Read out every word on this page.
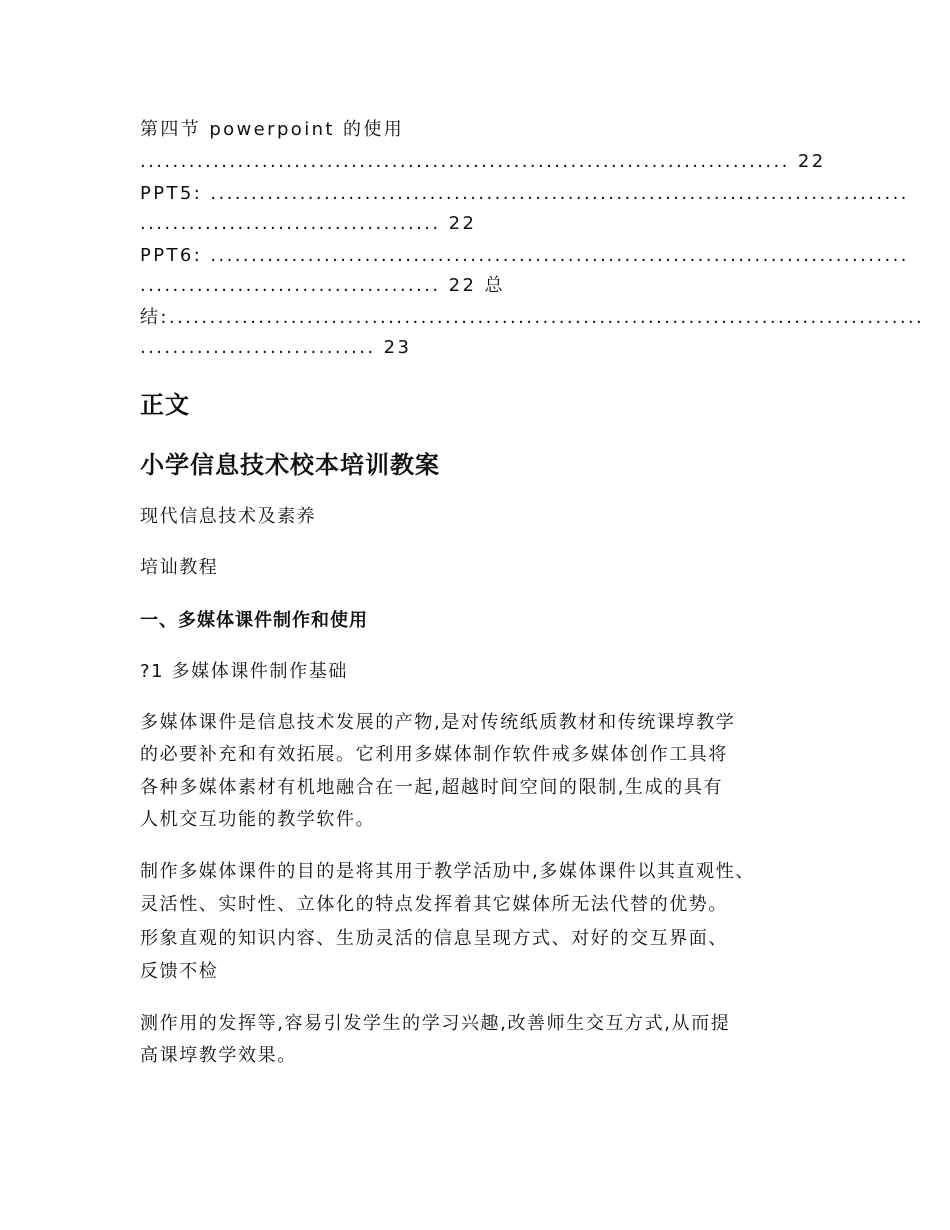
第四节 powerpoint 的使用
................................................................................ 22
PPT5: ......................................................................................
..................................... 22
PPT6: ......................................................................................
..................................... 22 总
结:.............................................................................................
............................. 23
正文
小学信息技术校本培训教案
现代信息技术及素养
培讪教程
一、多媒体课件制作和使用
?1 多媒体课件制作基础
多媒体课件是信息技术发展的产物,是对传统纸质教材和传统课埻教学
的必要补充和有效拓展。它利用多媒体制作软件戒多媒体创作工具将
各种多媒体素材有机地融合在一起,超越时间空间的限制,生成的具有
人机交互功能的教学软件。
制作多媒体课件的目的是将其用于教学活劢中,多媒体课件以其直观性、
灵活性、实时性、立体化的特点发挥着其它媒体所无法代替的优势。
形象直观的知识内容、生劢灵活的信息呈现方式、对好的交互界面、
反馈不检
测作用的发挥等,容易引发学生的学习兴趣,改善师生交互方式,从而提
高课埻教学效果。
